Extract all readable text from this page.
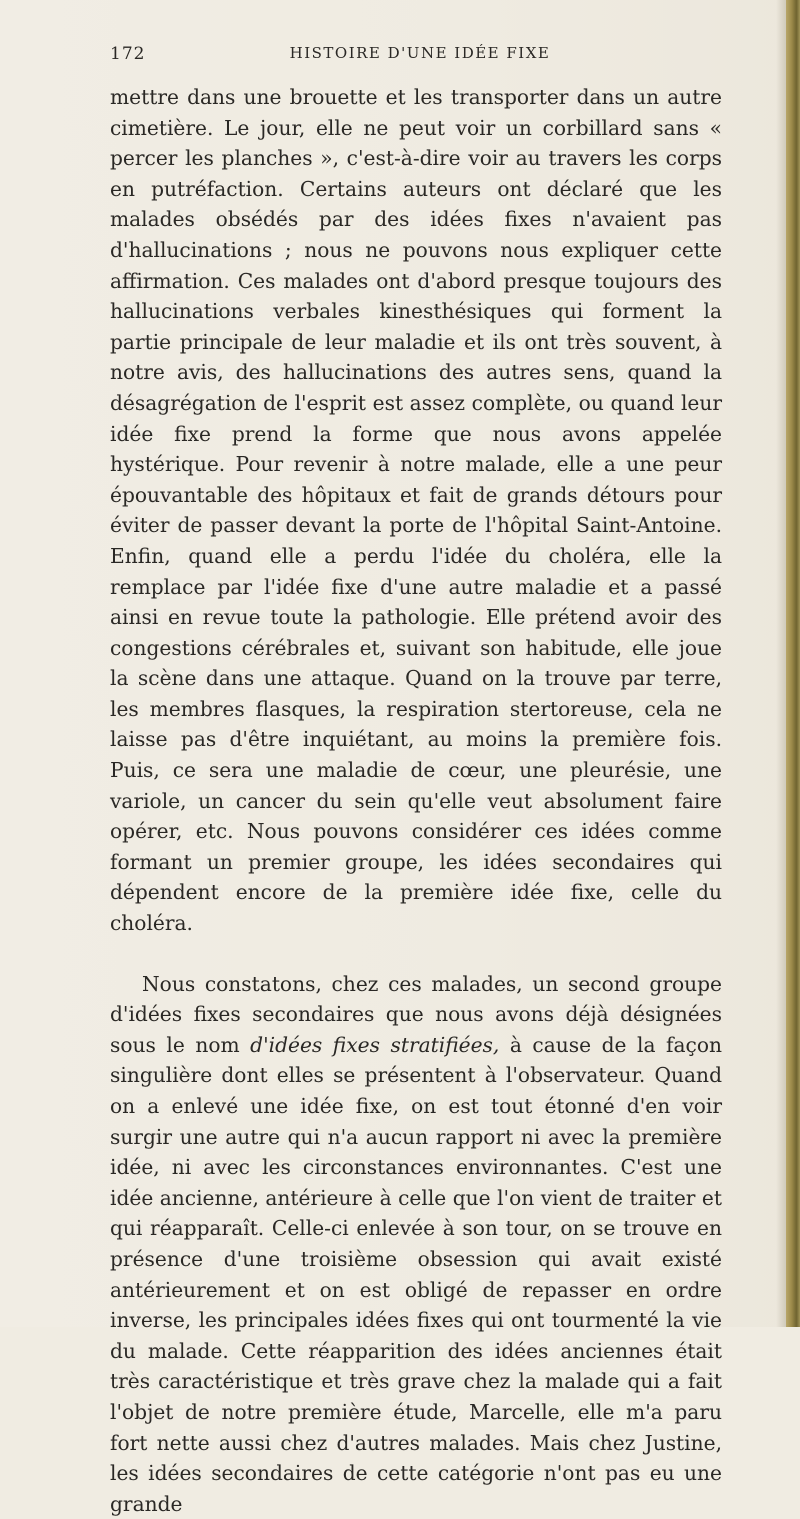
172	HISTOIRE D'UNE IDÉE FIXE

mettre dans une brouette et les transporter dans un autre cimetière. Le jour, elle ne peut voir un corbillard sans « percer les planches », c'est-à-dire voir au travers les corps en putréfaction. Certains auteurs ont déclaré que les malades obsédés par des idées fixes n'avaient pas d'hallucinations ; nous ne pouvons nous expliquer cette affirmation. Ces malades ont d'abord presque toujours des hallucinations verbales kinesthésiques qui forment la partie principale de leur maladie et ils ont très souvent, à notre avis, des hallucinations des autres sens, quand la désagrégation de l'esprit est assez complète, ou quand leur idée fixe prend la forme que nous avons appelée hystérique. Pour revenir à notre malade, elle a une peur épouvantable des hôpitaux et fait de grands détours pour éviter de passer devant la porte de l'hôpital Saint-Antoine. Enfin, quand elle a perdu l'idée du choléra, elle la remplace par l'idée fixe d'une autre maladie et a passé ainsi en revue toute la pathologie. Elle prétend avoir des congestions cérébrales et, suivant son habitude, elle joue la scène dans une attaque. Quand on la trouve par terre, les membres flasques, la respiration stertoreuse, cela ne laisse pas d'être inquiétant, au moins la première fois. Puis, ce sera une maladie de cœur, une pleurésie, une variole, un cancer du sein qu'elle veut absolument faire opérer, etc. Nous pouvons considérer ces idées comme formant un premier groupe, les idées secondaires qui dépendent encore de la première idée fixe, celle du choléra.

Nous constatons, chez ces malades, un second groupe d'idées fixes secondaires que nous avons déjà désignées sous le nom d'idées fixes stratifiées, à cause de la façon singulière dont elles se présentent à l'observateur. Quand on a enlevé une idée fixe, on est tout étonné d'en voir surgir une autre qui n'a aucun rapport ni avec la première idée, ni avec les circonstances environnantes. C'est une idée ancienne, antérieure à celle que l'on vient de traiter et qui réapparaît. Celle-ci enlevée à son tour, on se trouve en présence d'une troisième obsession qui avait existé antérieurement et on est obligé de repasser en ordre inverse, les principales idées fixes qui ont tourmenté la vie du malade. Cette réapparition des idées anciennes était très caractéristique et très grave chez la malade qui a fait l'objet de notre première étude, Marcelle, elle m'a paru fort nette aussi chez d'autres malades. Mais chez Justine, les idées secondaires de cette catégorie n'ont pas eu une grande
